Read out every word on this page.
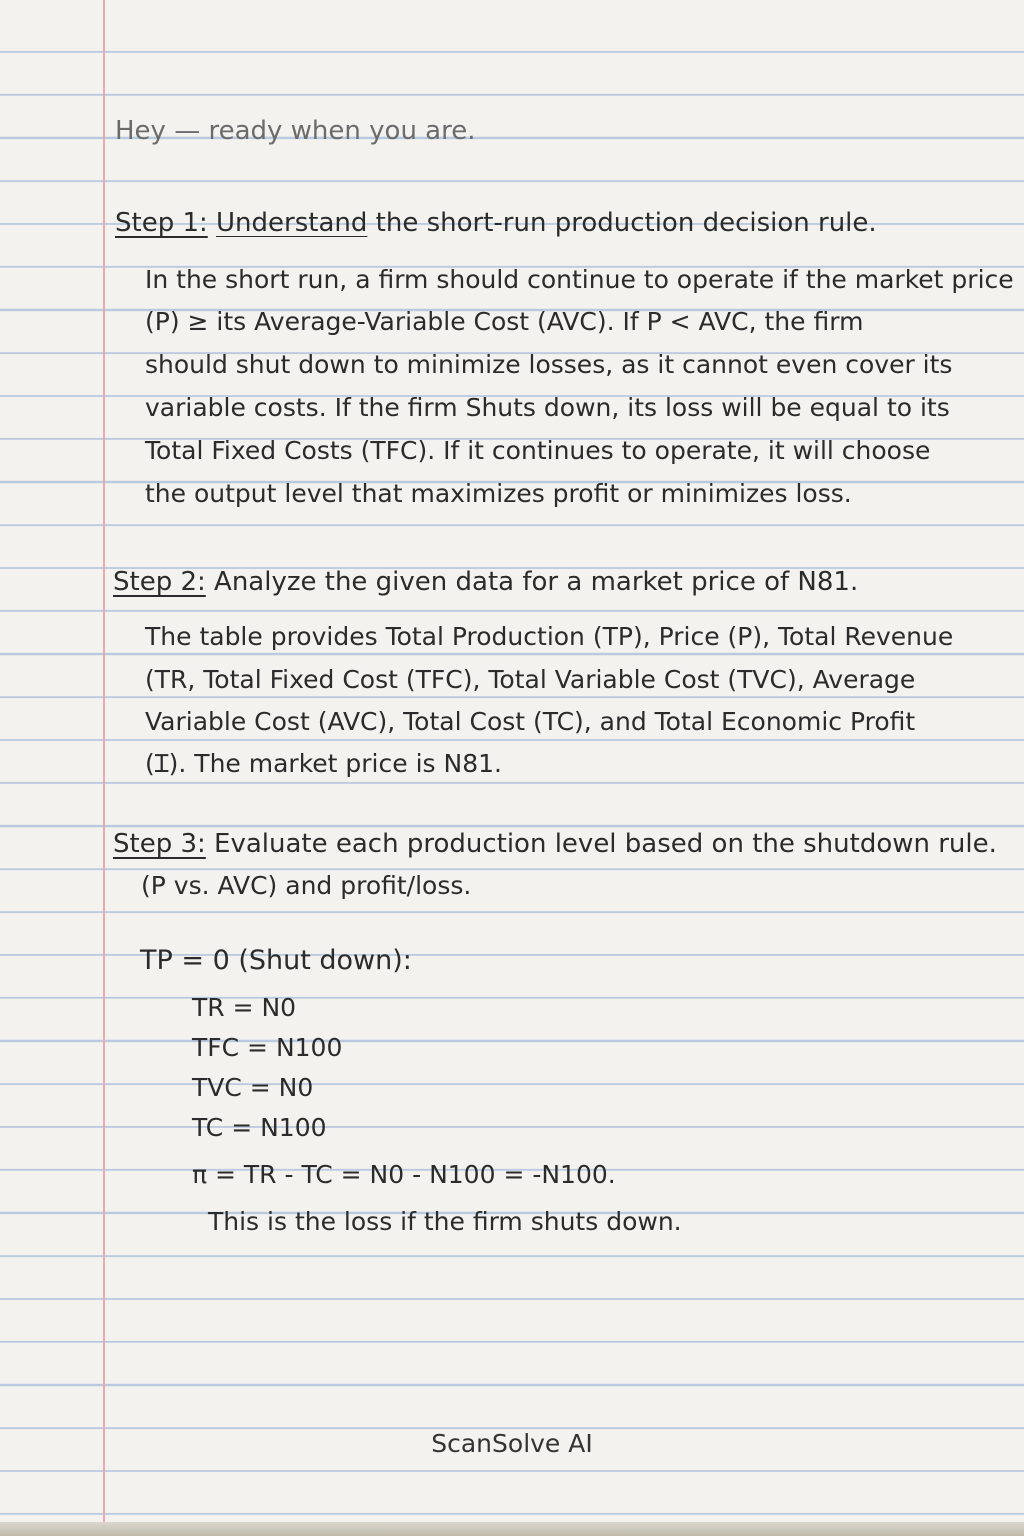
Hey — ready when you are.
Step 1: Understand the short-run production decision rule.
In the short run, a firm should continue to operate if the market price
(P) ≥ its Average-Variable Cost (AVC). If P < AVC, the firm
should shut down to minimize losses, as it cannot even cover its
variable costs. If the firm Shuts down, its loss will be equal to its
Total Fixed Costs (TFC). If it continues to operate, it will choose
the output level that maximizes profit or minimizes loss.
Step 2: Analyze the given data for a market price of N81.
The table provides Total Production (TP), Price (P), Total Revenue
(TR, Total Fixed Cost (TFC), Total Variable Cost (TVC), Average
Variable Cost (AVC), Total Cost (TC), and Total Economic Profit
(Ɪ). The market price is N81.
Step 3: Evaluate each production level based on the shutdown rule.
(P vs. AVC) and profit/loss.
TP = 0 (Shut down):
TR = N0
TFC = N100
TVC = N0
TC = N100
π = TR - TC = N0 - N100 = -N100.
This is the loss if the firm shuts down.
ScanSolve AI
